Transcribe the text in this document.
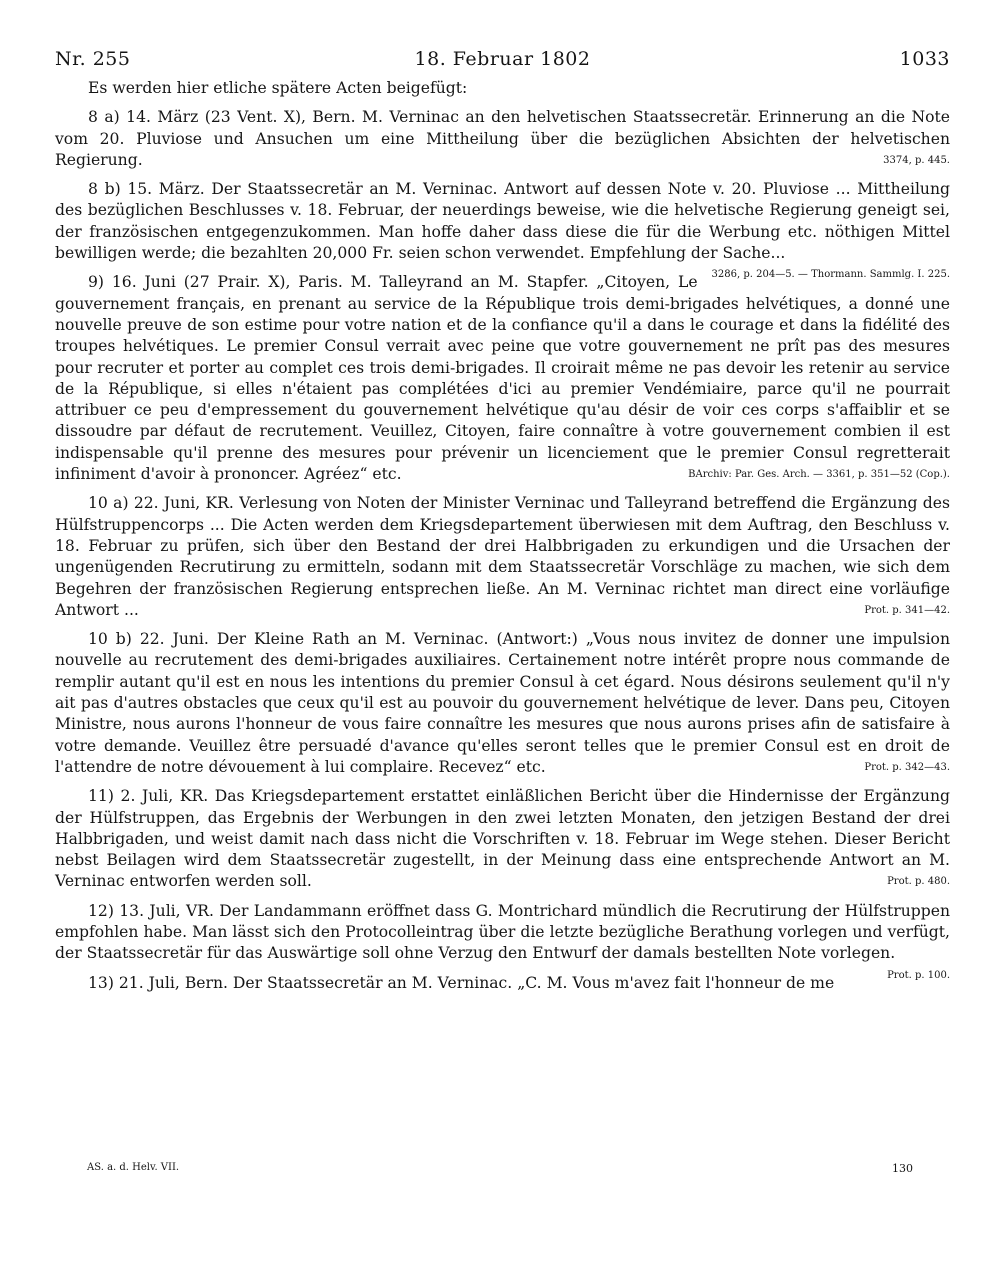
Nr. 255	18. Februar 1802	1033

Es werden hier etliche spätere Acten beigefügt:

8 a) 14. März (23 Vent. X), Bern. M. Verninac an den helvetischen Staatssecretär. Erinnerung an die Note vom 20. Pluviose und Ansuchen um eine Mittheilung über die bezüglichen Absichten der helvetischen Regierung.	3374, p. 445.

8 b) 15. März. Der Staatssecretär an M. Verninac. Antwort auf dessen Note v. 20. Pluviose ... Mittheilung des bezüglichen Beschlusses v. 18. Februar, der neuerdings beweise, wie die helvetische Regierung geneigt sei, der französischen entgegenzukommen. Man hoffe daher dass diese die für die Werbung etc. nöthigen Mittel bewilligen werde; die bezahlten 20,000 Fr. seien schon verwendet. Empfehlung der Sache...
3286, p. 204—5. — Thormann. Sammlg. I. 225.

9) 16. Juni (27 Prair. X), Paris. M. Talleyrand an M. Stapfer. „Citoyen, Le gouvernement français, en prenant au service de la République trois demi-brigades helvétiques, a donné une nouvelle preuve de son estime pour votre nation et de la confiance qu'il a dans le courage et dans la fidélité des troupes helvétiques. Le premier Consul verrait avec peine que votre gouvernement ne prît pas des mesures pour recruter et porter au complet ces trois demi-brigades. Il croirait même ne pas devoir les retenir au service de la République, si elles n'étaient pas complétées d'ici au premier Vendémiaire, parce qu'il ne pourrait attribuer ce peu d'empressement du gouvernement helvétique qu'au désir de voir ces corps s'affaiblir et se dissoudre par défaut de recrutement. Veuillez, Citoyen, faire connaître à votre gouvernement combien il est indispensable qu'il prenne des mesures pour prévenir un licenciement que le premier Consul regretterait infiniment d'avoir à prononcer. Agréez“ etc.	BArchiv: Par. Ges. Arch. — 3361, p. 351—52 (Cop.).

10 a) 22. Juni, KR. Verlesung von Noten der Minister Verninac und Talleyrand betreffend die Ergänzung des Hülfstruppencorps ... Die Acten werden dem Kriegsdepartement überwiesen mit dem Auftrag, den Beschluss v. 18. Februar zu prüfen, sich über den Bestand der drei Halbbrigaden zu erkundigen und die Ursachen der ungenügenden Recrutirung zu ermitteln, sodann mit dem Staatssecretär Vorschläge zu machen, wie sich dem Begehren der französischen Regierung entsprechen ließe. An M. Verninac richtet man direct eine vorläufige Antwort ...	Prot. p. 341—42.

10 b) 22. Juni. Der Kleine Rath an M. Verninac. (Antwort:) „Vous nous invitez de donner une impulsion nouvelle au recrutement des demi-brigades auxiliaires. Certainement notre intérêt propre nous commande de remplir autant qu'il est en nous les intentions du premier Consul à cet égard. Nous désirons seulement qu'il n'y ait pas d'autres obstacles que ceux qu'il est au pouvoir du gouvernement helvétique de lever. Dans peu, Citoyen Ministre, nous aurons l'honneur de vous faire connaître les mesures que nous aurons prises afin de satisfaire à votre demande. Veuillez être persuadé d'avance qu'elles seront telles que le premier Consul est en droit de l'attendre de notre dévouement à lui complaire. Recevez“ etc.	Prot. p. 342—43.

11) 2. Juli, KR. Das Kriegsdepartement erstattet einläßlichen Bericht über die Hindernisse der Ergänzung der Hülfstruppen, das Ergebnis der Werbungen in den zwei letzten Monaten, den jetzigen Bestand der drei Halbbrigaden, und weist damit nach dass nicht die Vorschriften v. 18. Februar im Wege stehen. Dieser Bericht nebst Beilagen wird dem Staatssecretär zugestellt, in der Meinung dass eine entsprechende Antwort an M. Verninac entworfen werden soll.	Prot. p. 480.

12) 13. Juli, VR. Der Landammann eröffnet dass G. Montrichard mündlich die Recrutirung der Hülfstruppen empfohlen habe. Man lässt sich den Protocolleintrag über die letzte bezügliche Berathung vorlegen und verfügt, der Staatssecretär für das Auswärtige soll ohne Verzug den Entwurf der damals bestellten Note vorlegen.
Prot. p. 100.

13) 21. Juli, Bern. Der Staatssecretär an M. Verninac. „C. M. Vous m'avez fait l'honneur de me

AS. a. d. Helv. VII.	130
